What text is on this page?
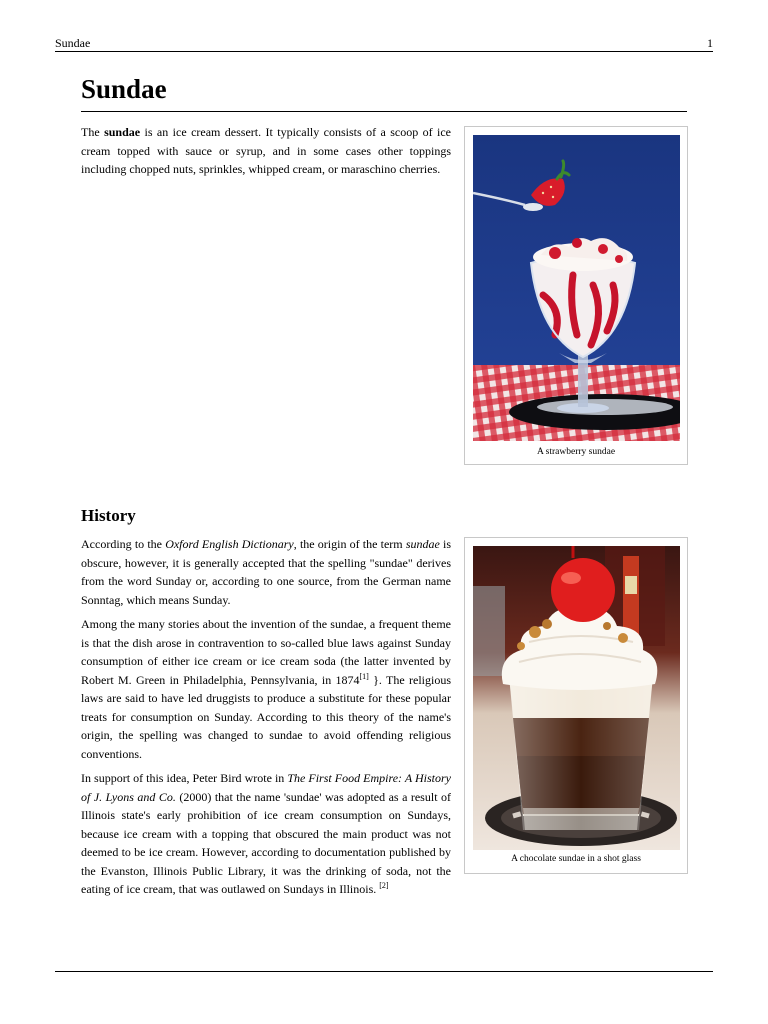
Sundae	1
Sundae

The sundae is an ice cream dessert. It typically consists of a scoop of ice cream topped with sauce or syrup, and in some cases other toppings including chopped nuts, sprinkles, whipped cream, or maraschino cherries.

A strawberry sundae
History

According to the Oxford English Dictionary, the origin of the term sundae is obscure, however, it is generally accepted that the spelling "sundae" derives from the word Sunday or, according to one source, from the German name Sonntag, which means Sunday.

Among the many stories about the invention of the sundae, a frequent theme is that the dish arose in contravention to so-called blue laws against Sunday consumption of either ice cream or ice cream soda (the latter invented by Robert M. Green in Philadelphia, Pennsylvania, in 1874[1] }. The religious laws are said to have led druggists to produce a substitute for these popular treats for consumption on Sunday. According to this theory of the name's origin, the spelling was changed to sundae to avoid offending religious conventions.

In support of this idea, Peter Bird wrote in The First Food Empire: A History of J. Lyons and Co. (2000) that the name 'sundae' was adopted as a result of Illinois state's early prohibition of ice cream consumption on Sundays, because ice cream with a topping that obscured the main product was not deemed to be ice cream. However, according to documentation published by the Evanston, Illinois Public Library, it was the drinking of soda, not the eating of ice cream, that was outlawed on Sundays in Illinois. [2]

A chocolate sundae in a shot glass
